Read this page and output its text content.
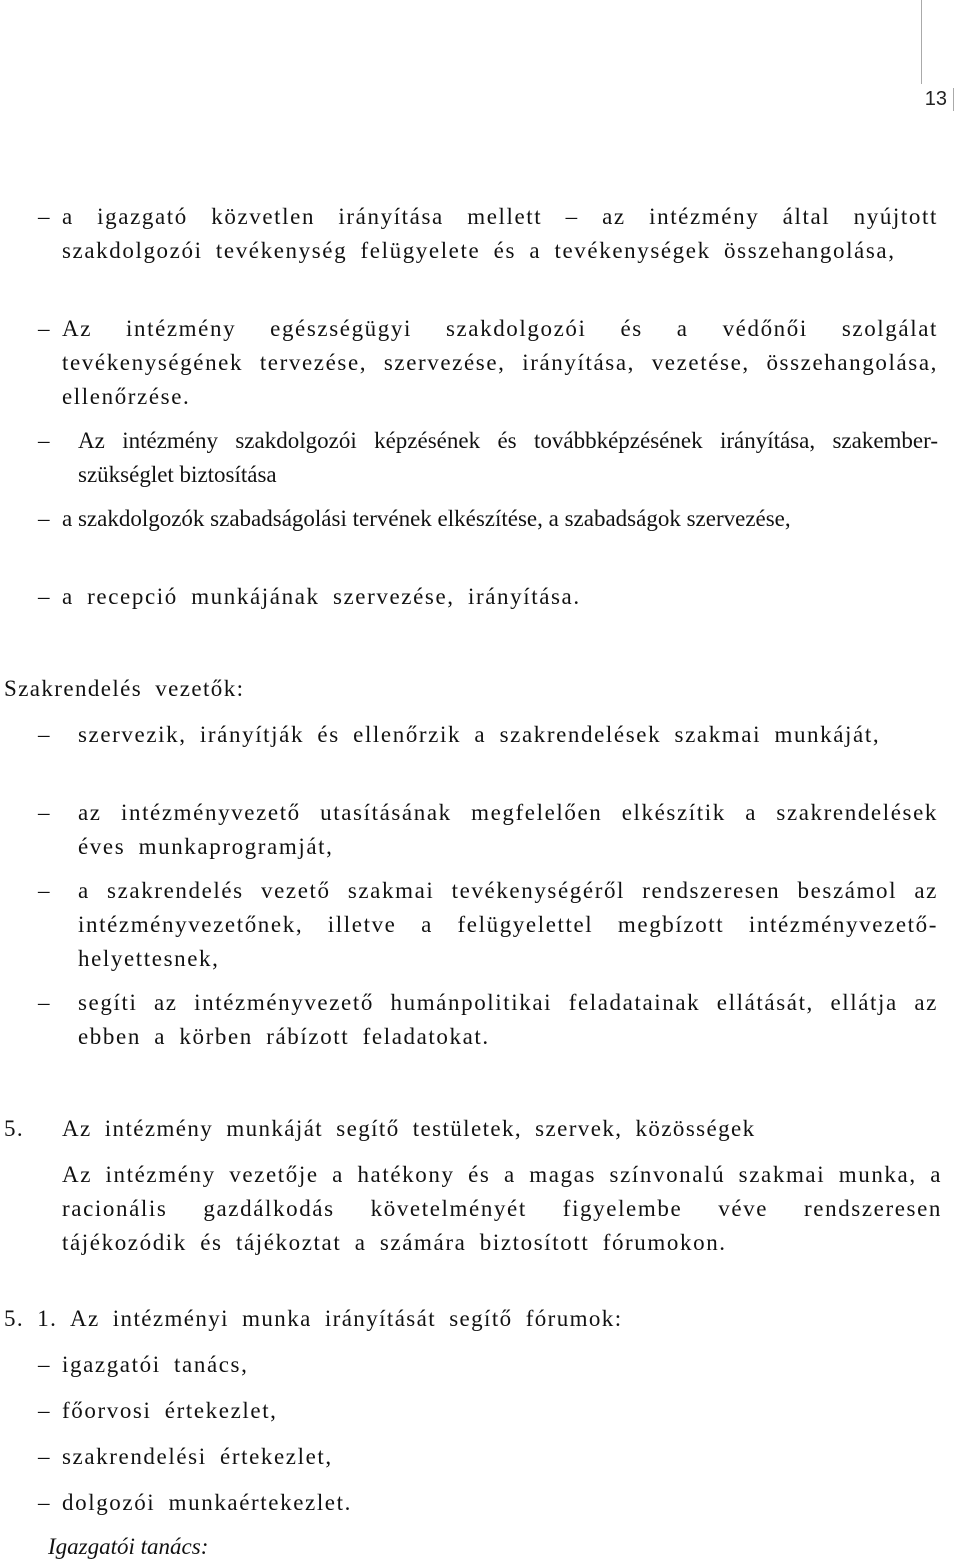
13
– a igazgató közvetlen irányítása mellett – az intézmény által nyújtott szakdolgozói tevékenység felügyelete és a tevékenységek összehangolása,
– Az intézmény egészségügyi szakdolgozói és a védőnői szolgálat tevékenységének tervezése, szervezése, irányítása, vezetése, összehangolása, ellenőrzése.
–	Az intézmény szakdolgozói képzésének és továbbképzésének irányítása, szakember-szükséglet biztosítása
– a szakdolgozók szabadságolási tervének elkészítése, a szabadságok szervezése,
– a recepció munkájának szervezése, irányítása.
Szakrendelés vezetők:
–	szervezik, irányítják és ellenőrzik a szakrendelések szakmai munkáját,
–	az intézményvezető utasításának megfelelően elkészítik a szakrendelések éves munkaprogramját,
–	a szakrendelés vezető szakmai tevékenységéről rendszeresen beszámol az intézményvezetőnek, illetve a felügyelettel megbízott intézményvezető-helyettesnek,
–	segíti az intézményvezető humánpolitikai feladatainak ellátását, ellátja az ebben a körben rábízott feladatokat.
5. Az intézmény munkáját segítő testületek, szervek, közösségek
Az intézmény vezetője a hatékony és a magas színvonalú szakmai munka, a racionális gazdálkodás követelményét figyelembe véve rendszeresen tájékozódik és tájékoztat a számára biztosított fórumokon.
5. 1. Az intézményi munka irányítását segítő fórumok:
– igazgatói tanács,
– főorvosi értekezlet,
– szakrendelési értekezlet,
– dolgozói munkaértekezlet.
Igazgatói tanács:
